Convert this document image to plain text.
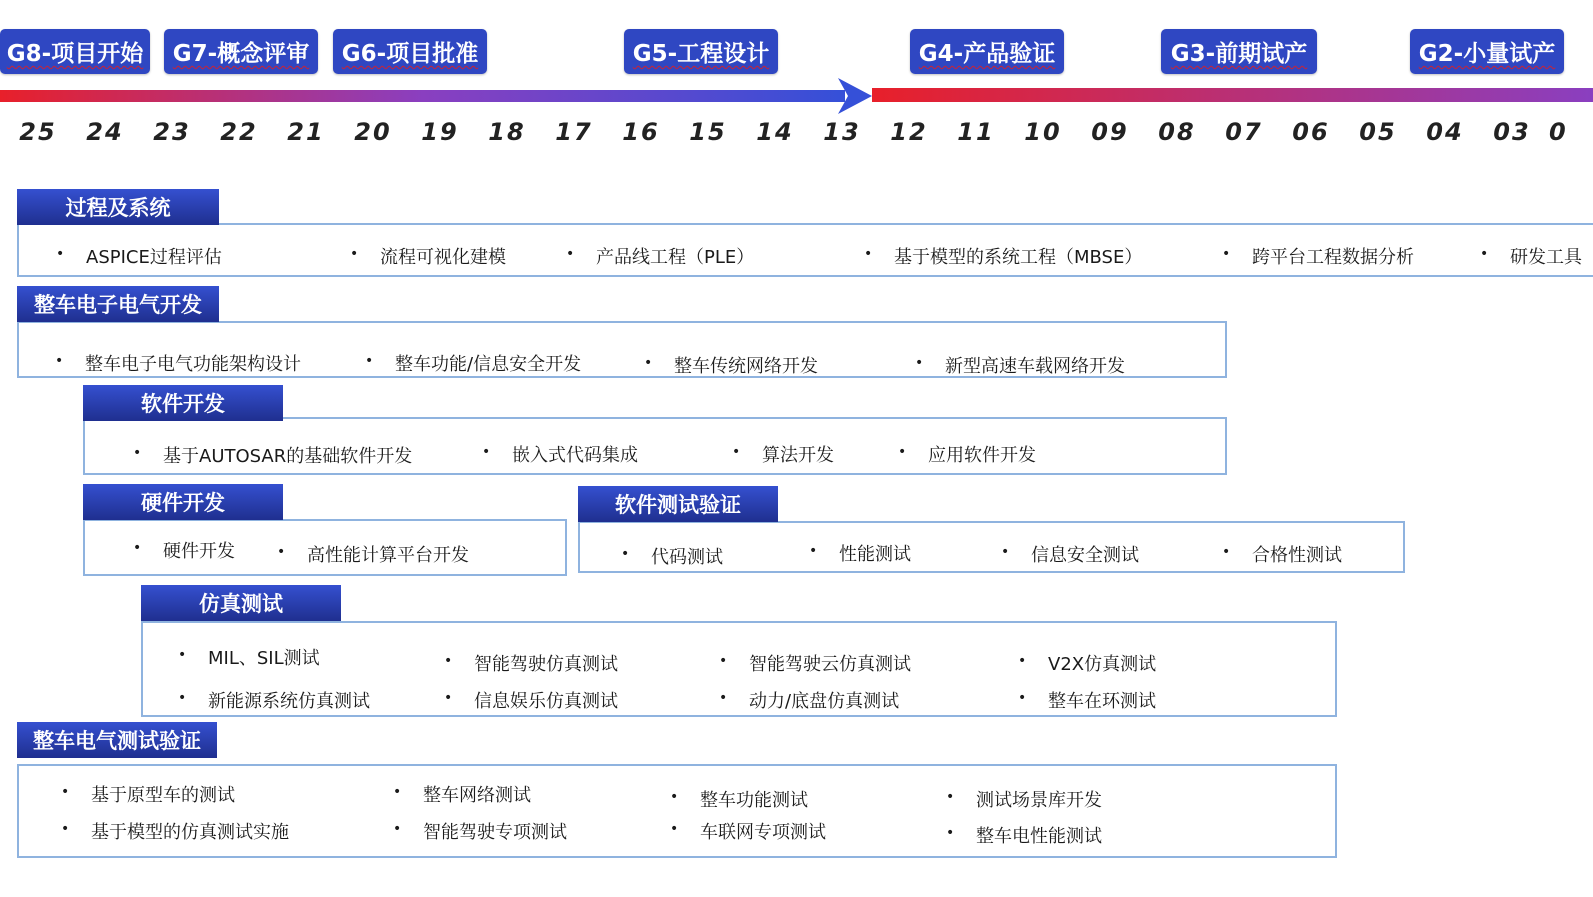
G8-项目开始 G7-概念评审 G6-项目批准	G5-工程设计	G4-产品验证	G3-前期试产	G2-小量试产
25	24	23	22	21	20	19	18	17	16	15	14	13	12	11	10	09	08	07	06	05	04	03 0
过程及系统
• ASPICE过程评估	• 流程可视化建模	• 产品线工程（PLE）	• 基于模型的系统工程（MBSE）	• 跨平台工程数据分析	• 研发工具
整车电子电气开发
• 整车电子电气功能架构设计	• 整车功能/信息安全开发	• 整车传统网络开发	• 新型高速车载网络开发
软件开发
• 基于AUTOSAR的基础软件开发	• 嵌入式代码集成	• 算法开发	• 应用软件开发
硬件开发
• 硬件开发	• 高性能计算平台开发
软件测试验证
• 代码测试	• 性能测试	• 信息安全测试	• 合格性测试
仿真测试
• MIL、SIL测试	• 智能驾驶仿真测试	• 智能驾驶云仿真测试	• V2X仿真测试
• 新能源系统仿真测试	• 信息娱乐仿真测试	• 动力/底盘仿真测试	• 整车在环测试
整车电气测试验证
• 基于原型车的测试	• 整车网络测试	• 整车功能测试	• 测试场景库开发
• 基于模型的仿真测试实施	• 智能驾驶专项测试	• 车联网专项测试	• 整车电性能测试
